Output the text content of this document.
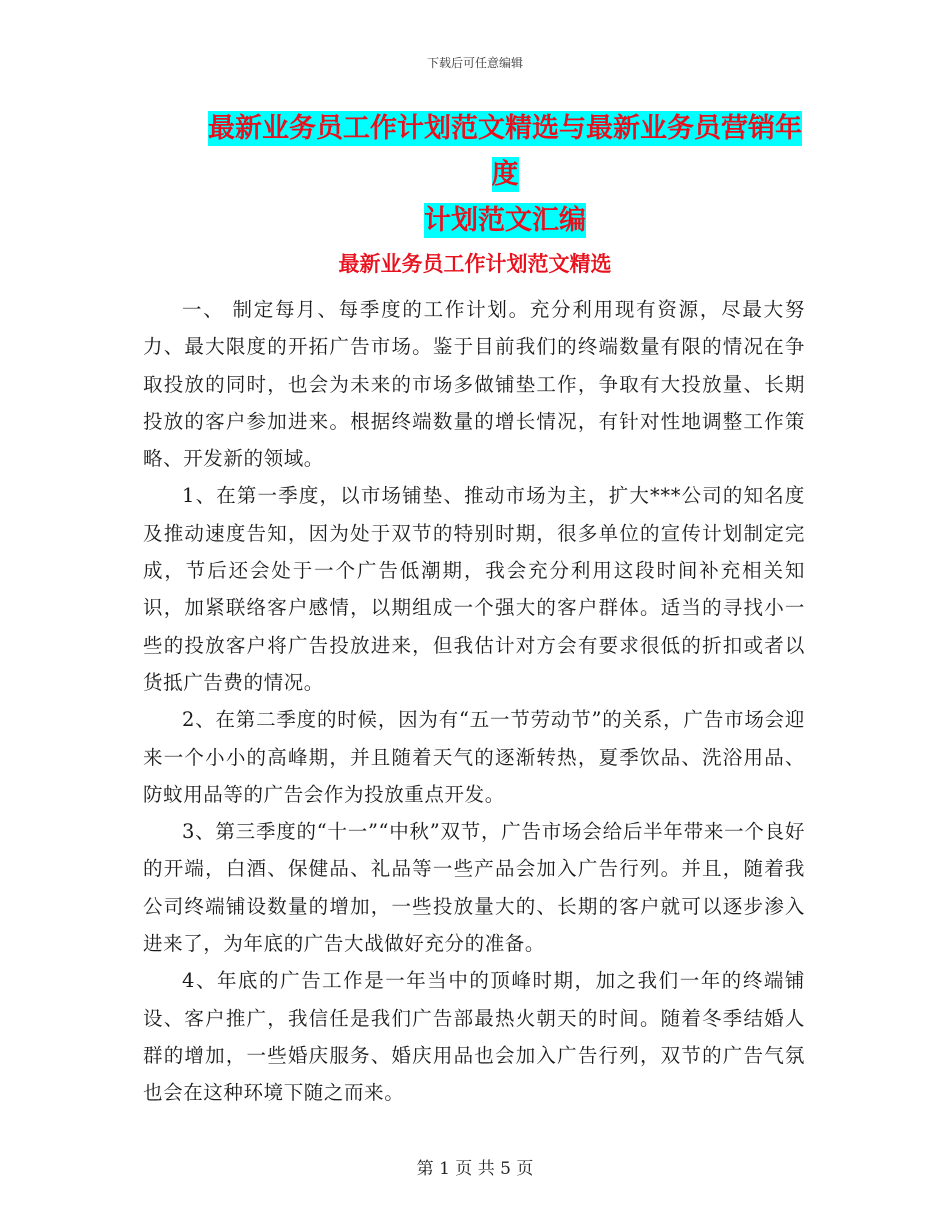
下载后可任意编辑
最新业务员工作计划范文精选与最新业务员营销年度
计划范文汇编
最新业务员工作计划范文精选

一、 制定每月、每季度的工作计划。充分利用现有资源，尽最大努力、最大限度的开拓广告市场。鉴于目前我们的终端数量有限的情况在争取投放的同时，也会为未来的市场多做铺垫工作，争取有大投放量、长期投放的客户参加进来。根据终端数量的增长情况，有针对性地调整工作策略、开发新的领域。

1、在第一季度，以市场铺垫、推动市场为主，扩大***公司的知名度及推动速度告知，因为处于双节的特别时期，很多单位的宣传计划制定完成，节后还会处于一个广告低潮期，我会充分利用这段时间补充相关知识，加紧联络客户感情，以期组成一个强大的客户群体。适当的寻找小一些的投放客户将广告投放进来，但我估计对方会有要求很低的折扣或者以货抵广告费的情况。

2、在第二季度的时候，因为有“五一节劳动节”的关系，广告市场会迎来一个小小的高峰期，并且随着天气的逐渐转热，夏季饮品、洗浴用品、防蚊用品等的广告会作为投放重点开发。

3、第三季度的“十一”“中秋”双节，广告市场会给后半年带来一个良好的开端，白酒、保健品、礼品等一些产品会加入广告行列。并且，随着我公司终端铺设数量的增加，一些投放量大的、长期的客户就可以逐步渗入进来了，为年底的广告大战做好充分的准备。

4、年底的广告工作是一年当中的顶峰时期，加之我们一年的终端铺设、客户推广，我信任是我们广告部最热火朝天的时间。随着冬季结婚人群的增加，一些婚庆服务、婚庆用品也会加入广告行列，双节的广告气氛也会在这种环境下随之而来。

第 1 页 共 5 页
